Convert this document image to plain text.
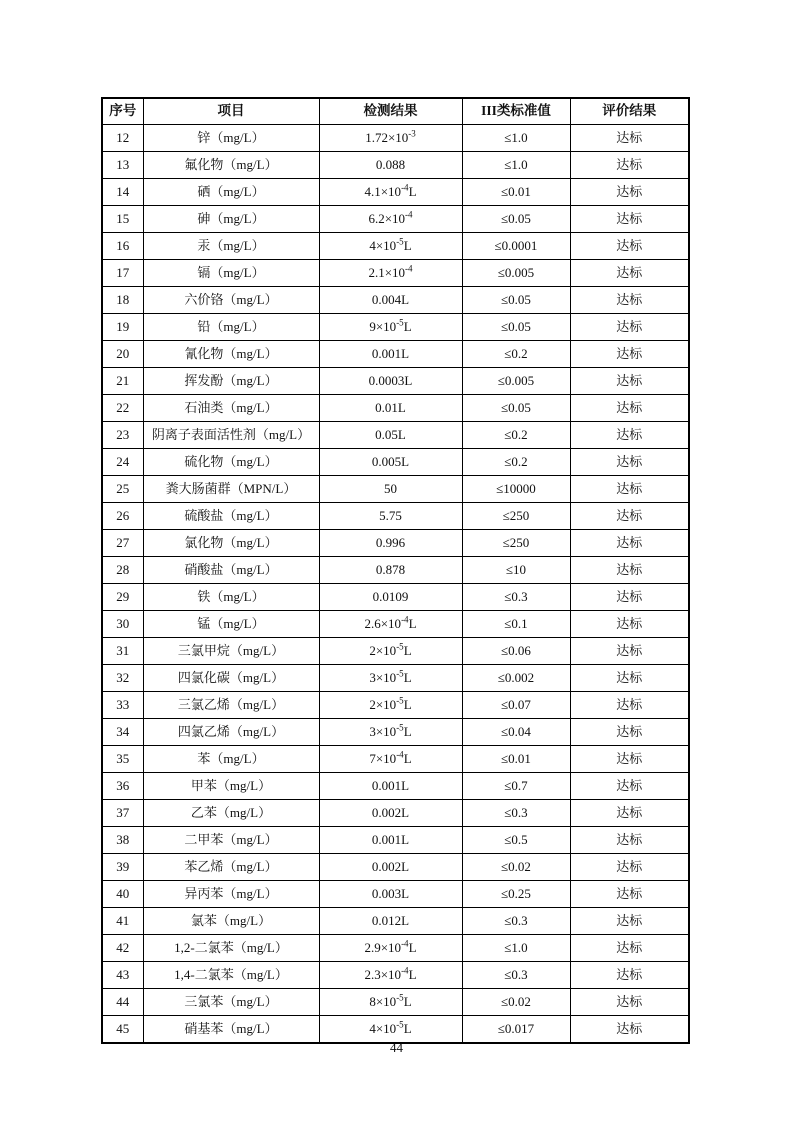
序号	项目	检测结果	III类标准值	评价结果
12	锌（mg/L）	$1.72\times 10^{-3}$	≤1.0	达标
13	氟化物（mg/L）	0.088	≤1.0	达标
14	硒（mg/L）	$4.1\times 10^{-4}L$	≤0.01	达标
15	砷（mg/L）	$6.2\times 10^{-4}$	≤0.05	达标
16	汞（mg/L）	$4\times 10^{-5}L$	≤0.0001	达标
17	镉（mg/L）	$2.1\times 10^{-4}$	≤0.005	达标
18	六价铬（mg/L）	0.004L	≤0.05	达标
19	铅（mg/L）	$9\times 10^{-5}L$	≤0.05	达标
20	氰化物（mg/L）	0.001L	≤0.2	达标
21	挥发酚（mg/L）	0.0003L	≤0.005	达标
22	石油类（mg/L）	0.01L	≤0.05	达标
23	阴离子表面活性剂（mg/L）	0.05L	≤0.2	达标
24	硫化物（mg/L）	0.005L	≤0.2	达标
25	粪大肠菌群（MPN/L）	50	≤10000	达标
26	硫酸盐（mg/L）	5.75	≤250	达标
27	氯化物（mg/L）	0.996	≤250	达标
28	硝酸盐（mg/L）	0.878	≤10	达标
29	铁（mg/L）	0.0109	≤0.3	达标
30	锰（mg/L）	$2.6\times 10^{-4}L$	≤0.1	达标
31	三氯甲烷（mg/L）	$2\times 10^{-5}L$	≤0.06	达标
32	四氯化碳（mg/L）	$3\times 10^{-5}L$	≤0.002	达标
33	三氯乙烯（mg/L）	$2\times 10^{-5}L$	≤0.07	达标
34	四氯乙烯（mg/L）	$3\times 10^{-5}L$	≤0.04	达标
35	苯（mg/L）	$7\times 10^{-4}L$	≤0.01	达标
36	甲苯（mg/L）	0.001L	≤0.7	达标
37	乙苯（mg/L）	0.002L	≤0.3	达标
38	二甲苯（mg/L）	0.001L	≤0.5	达标
39	苯乙烯（mg/L）	0.002L	≤0.02	达标
40	异丙苯（mg/L）	0.003L	≤0.25	达标
41	氯苯（mg/L）	0.012L	≤0.3	达标
42	1,2-二氯苯（mg/L）	$2.9\times 10^{-4}L$	≤1.0	达标
43	1,4-二氯苯（mg/L）	$2.3\times 10^{-4}L$	≤0.3	达标
44	三氯苯（mg/L）	$8\times 10^{-5}L$	≤0.02	达标
45	硝基苯（mg/L）	$4\times 10^{-5}L$	≤0.017	达标
44
